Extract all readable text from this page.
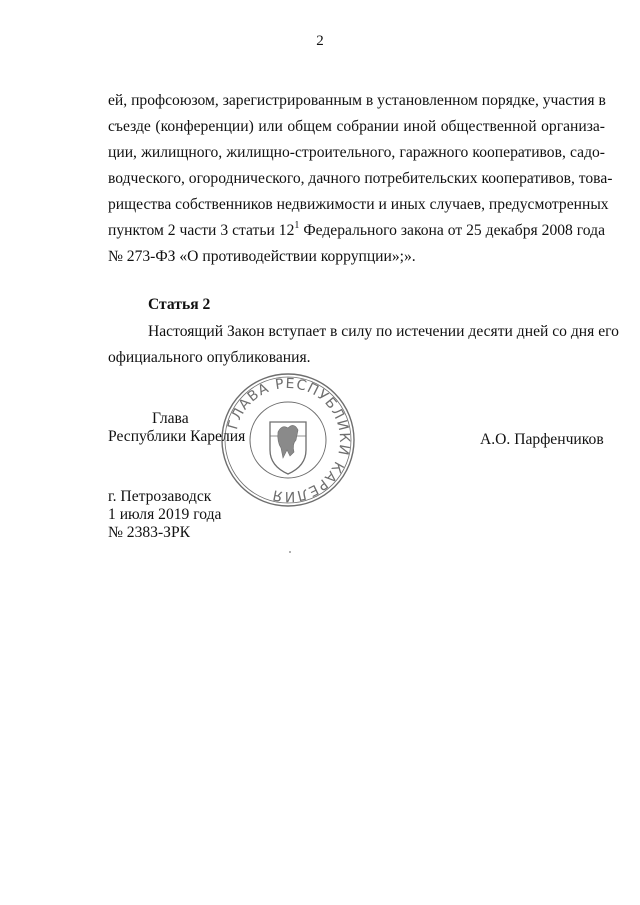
2
ей, профсоюзом, зарегистрированным в установленном порядке, участия в
съезде (конференции) или общем собрании иной общественной организа-
ции, жилищного, жилищно-строительного, гаражного кооперативов, садо-
водческого, огороднического, дачного потребительских кооперативов, това-
рищества собственников недвижимости и иных случаев, предусмотренных
пунктом 2 части 3 статьи $12^1$ Федерального закона от 25 декабря 2008 года
№ 273-ФЗ «О противодействии коррупции»;».
Статья 2
Настоящий Закон вступает в силу по истечении десяти дней со дня его
официального опубликования.
ГЛАВА РЕСПУБЛИКИ КАРЕЛИЯ
Глава
Республики Карелия	А.О. Парфенчиков
г. Петрозаводск
1 июля 2019 года
№ 2383-ЗРК
